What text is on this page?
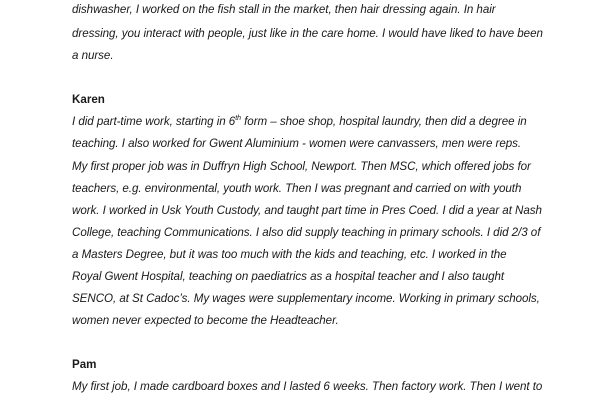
dishwasher, I worked on the fish stall in the market, then hair dressing again. In hair
dressing, you interact with people, just like in the care home. I would have liked to have been
a nurse.
Karen
I did part-time work, starting in 6th form – shoe shop, hospital laundry, then did a degree in
teaching. I also worked for Gwent Aluminium - women were canvassers, men were reps.
My first proper job was in Duffryn High School, Newport. Then MSC, which offered jobs for
teachers, e.g. environmental, youth work. Then I was pregnant and carried on with youth
work. I worked in Usk Youth Custody, and taught part time in Pres Coed. I did a year at Nash
College, teaching Communications. I also did supply teaching in primary schools. I did 2/3 of
a Masters Degree, but it was too much with the kids and teaching, etc. I worked in the
Royal Gwent Hospital, teaching on paediatrics as a hospital teacher and I also taught
SENCO, at St Cadoc’s. My wages were supplementary income. Working in primary schools,
women never expected to become the Headteacher.
Pam
My first job, I made cardboard boxes and I lasted 6 weeks. Then factory work. Then I went to
